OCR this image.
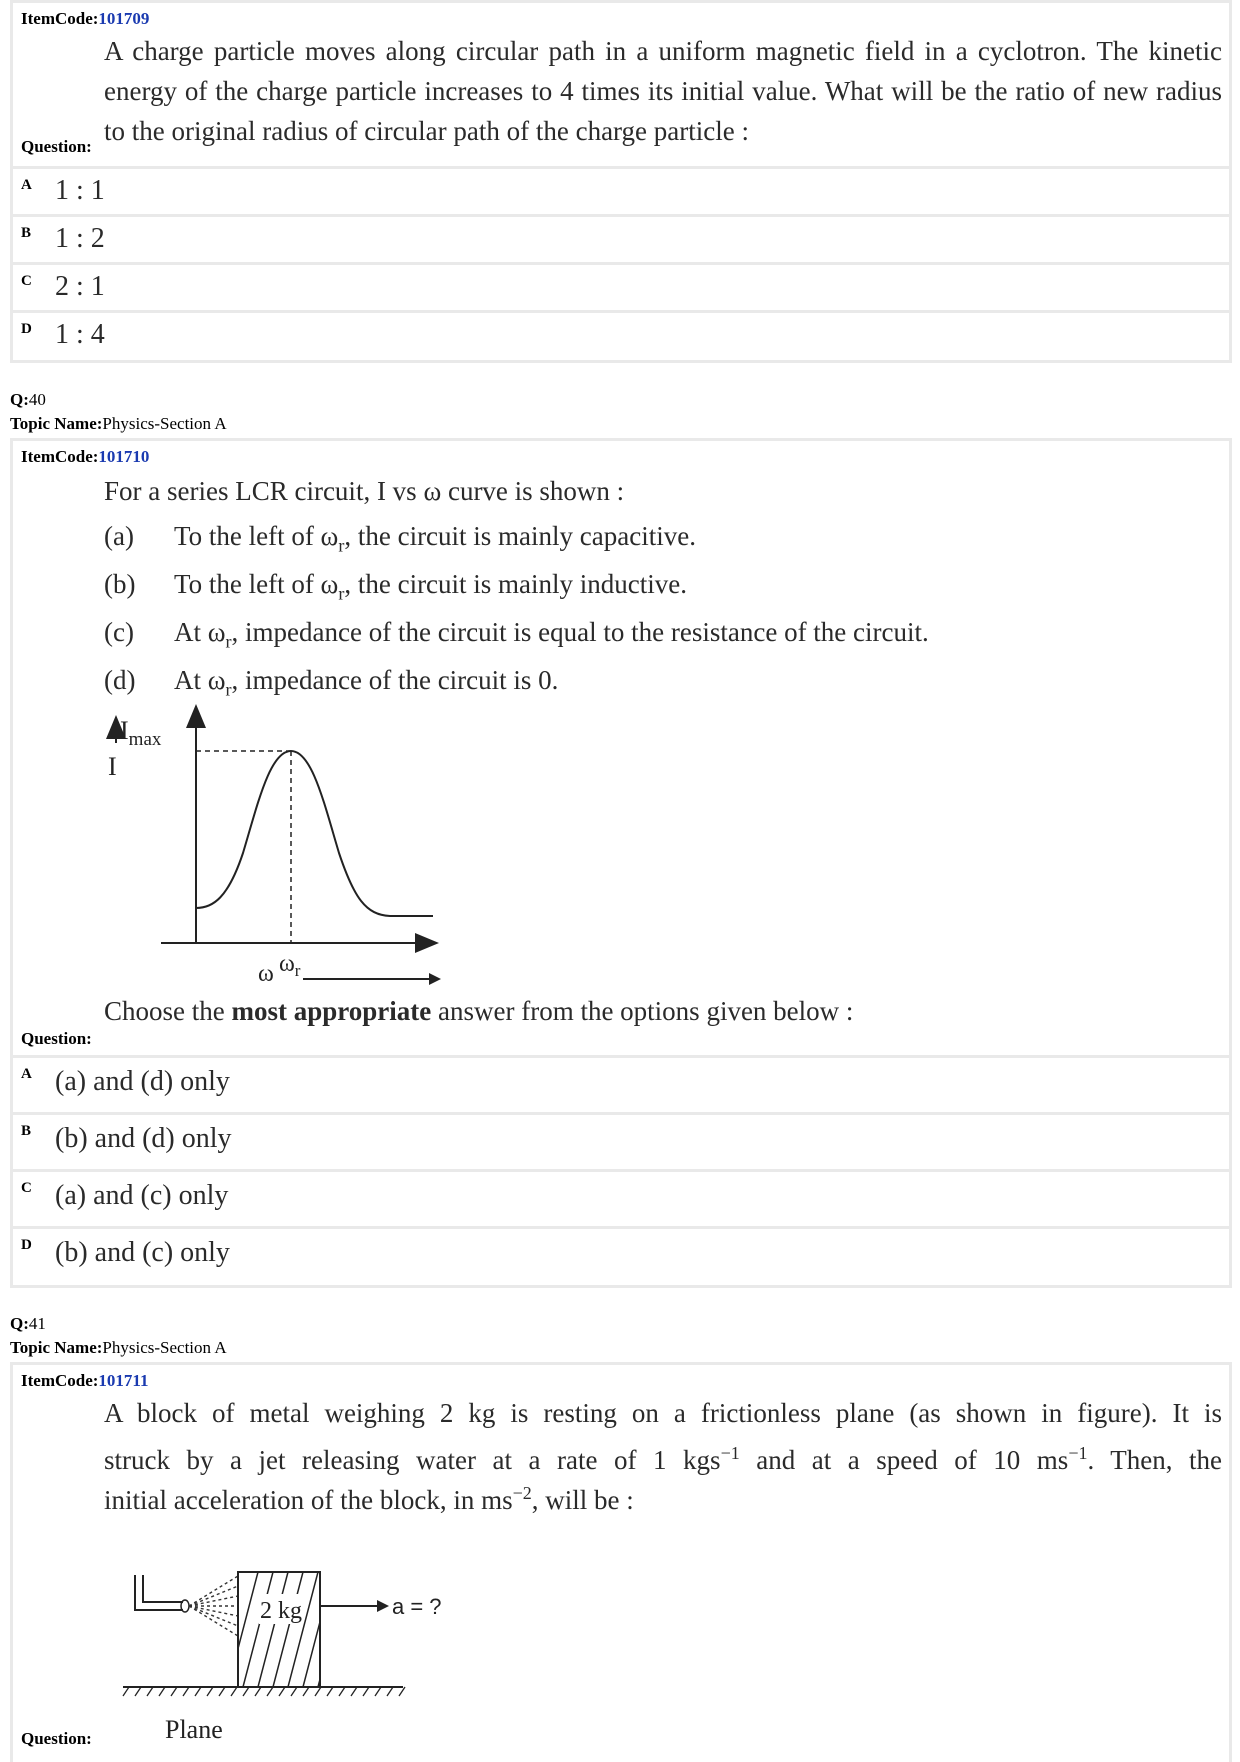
ItemCode:101709
A charge particle moves along circular path in a uniform magnetic field in a cyclotron. The kinetic energy of the charge particle increases to 4 times its initial value. What will be the ratio of new radius to the original radius of circular path of the charge particle :
Question:
A 1 : 1
B 1 : 2
C 2 : 1
D 1 : 4
Q:40
Topic Name:Physics-Section A
ItemCode:101710
For a series LCR circuit, I vs ω curve is shown :
(a) To the left of $\omega_r$, the circuit is mainly capacitive.
(b) To the left of $\omega_r$, the circuit is mainly inductive.
(c) At $\omega_r$, impedance of the circuit is equal to the resistance of the circuit.
(d) At $\omega_r$, impedance of the circuit is 0.
$I_{max}$
I
$\omega_r$
ω
Choose the most appropriate answer from the options given below :
Question:
A (a) and (d) only
B (b) and (d) only
C (a) and (c) only
D (b) and (c) only
Q:41
Topic Name:Physics-Section A
ItemCode:101711
A block of metal weighing 2 kg is resting on a frictionless plane (as shown in figure). It is
struck by a jet releasing water at a rate of 1 kgs$^{-1}$ and at a speed of 10 $ms^{-1}$. Then, the
initial acceleration of the block, in $ms^{-2}$, will be :
2 kg	a = ?
Plane
Question:
